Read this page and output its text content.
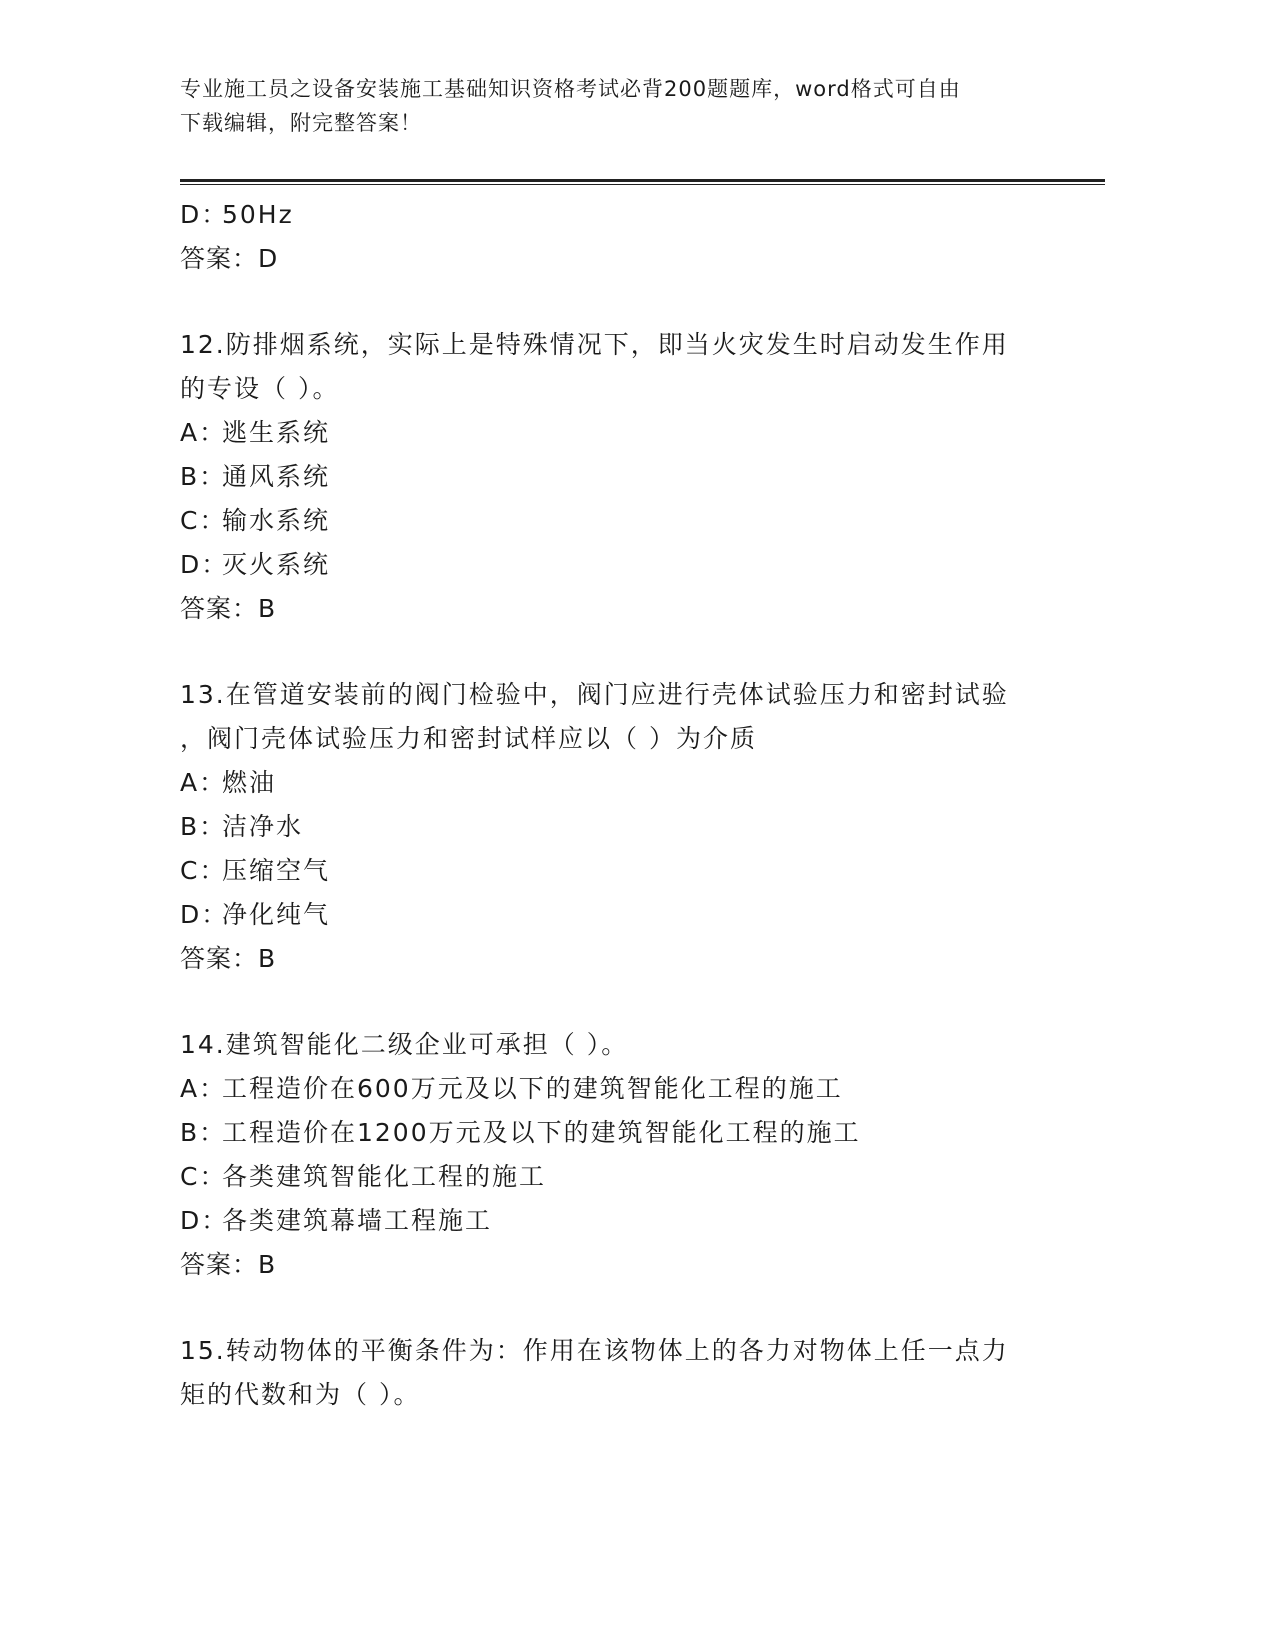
专业施工员之设备安装施工基础知识资格考试必背200题题库，word格式可自由
下载编辑，附完整答案！

D：50Hz

答案：D

12.防排烟系统，实际上是特殊情况下，即当火灾发生时启动发生作用

的专设（ ）。

A：逃生系统

B：通风系统

C：输水系统

D：灭火系统

答案：B

13.在管道安装前的阀门检验中，阀门应进行壳体试验压力和密封试验

，阀门壳体试验压力和密封试样应以（ ）为介质

A：燃油

B：洁净水

C：压缩空气

D：净化纯气

答案：B

14.建筑智能化二级企业可承担（ ）。

A：工程造价在600万元及以下的建筑智能化工程的施工

B：工程造价在1200万元及以下的建筑智能化工程的施工

C：各类建筑智能化工程的施工

D：各类建筑幕墙工程施工

答案：B

15.转动物体的平衡条件为：作用在该物体上的各力对物体上任一点力

矩的代数和为（ ）。
